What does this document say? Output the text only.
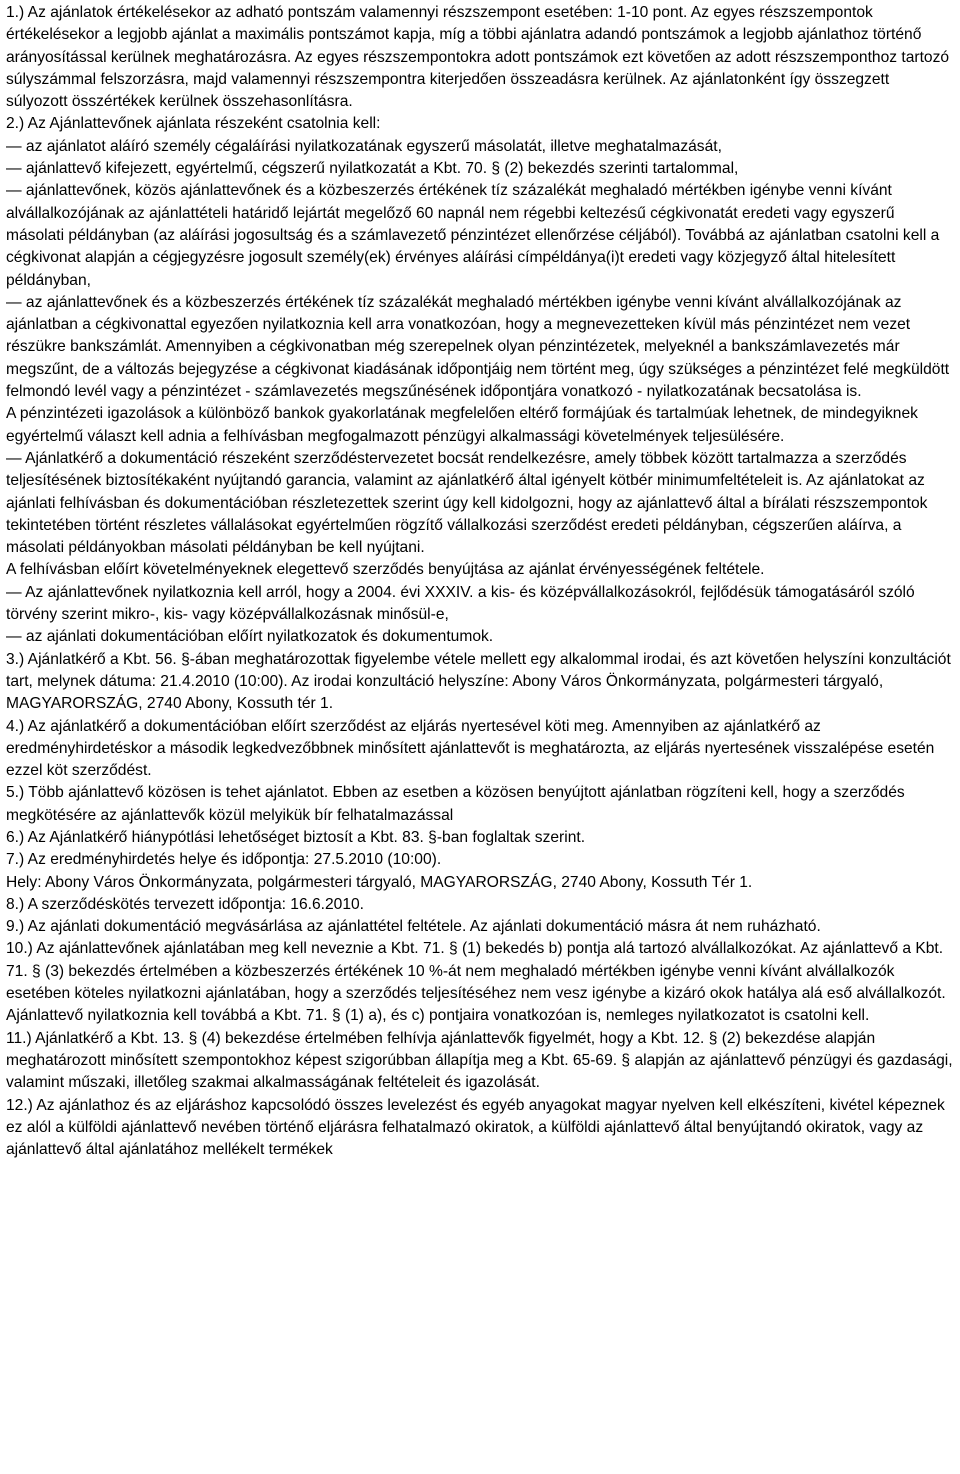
1.) Az ajánlatok értékelésekor az adható pontszám valamennyi részszempont esetében: 1-10 pont. Az egyes részszempontok értékelésekor a legjobb ajánlat a maximális pontszámot kapja, míg a többi ajánlatra adandó pontszámok a legjobb ajánlathoz történő arányosítással kerülnek meghatározásra. Az egyes részszempontokra adott pontszámok ezt követően az adott részszemponthoz tartozó súlyszámmal felszorzásra, majd valamennyi részszempontra kiterjedően összeadásra kerülnek. Az ajánlatonként így összegzett súlyozott összértékek kerülnek összehasonlításra.

2.) Az Ajánlattevőnek ajánlata részeként csatolnia kell:

— az ajánlatot aláíró személy cégaláírási nyilatkozatának egyszerű másolatát, illetve meghatalmazását,

— ajánlattevő kifejezett, egyértelmű, cégszerű nyilatkozatát a Kbt. 70. § (2) bekezdés szerinti tartalommal,

— ajánlattevőnek, közös ajánlattevőnek és a közbeszerzés értékének tíz százalékát meghaladó mértékben igénybe venni kívánt alvállalkozójának az ajánlattételi határidő lejártát megelőző 60 napnál nem régebbi keltezésű cégkivonatát eredeti vagy egyszerű másolati példányban (az aláírási jogosultság és a számlavezető pénzintézet ellenőrzése céljából). Továbbá az ajánlatban csatolni kell a cégkivonat alapján a cégjegyzésre jogosult személy(ek) érvényes aláírási címpéldánya(i)t eredeti vagy közjegyző által hitelesített példányban,

— az ajánlattevőnek és a közbeszerzés értékének tíz százalékát meghaladó mértékben igénybe venni kívánt alvállalkozójának az ajánlatban a cégkivonattal egyezően nyilatkoznia kell arra vonatkozóan, hogy a megnevezetteken kívül más pénzintézet nem vezet részükre bankszámlát. Amennyiben a cégkivonatban még szerepelnek olyan pénzintézetek, melyeknél a bankszámlavezetés már megszűnt, de a változás bejegyzése a cégkivonat kiadásának időpontjáig nem történt meg, úgy szükséges a pénzintézet felé megküldött felmondó levél vagy a pénzintézet - számlavezetés megszűnésének időpontjára vonatkozó - nyilatkozatának becsatolása is.

A pénzintézeti igazolások a különböző bankok gyakorlatának megfelelően eltérő formájúak és tartalmúak lehetnek, de mindegyiknek egyértelmű választ kell adnia a felhívásban megfogalmazott pénzügyi alkalmassági követelmények teljesülésére.

— Ajánlatkérő a dokumentáció részeként szerződéstervezetet bocsát rendelkezésre, amely többek között tartalmazza a szerződés teljesítésének biztosítékaként nyújtandó garancia, valamint az ajánlatkérő által igényelt kötbér minimumfeltételeit is. Az ajánlatokat az ajánlati felhívásban és dokumentációban részletezettek szerint úgy kell kidolgozni, hogy az ajánlattevő által a bírálati részszempontok tekintetében történt részletes vállalásokat egyértelműen rögzítő vállalkozási szerződést eredeti példányban, cégszerűen aláírva, a másolati példányokban másolati példányban be kell nyújtani.

A felhívásban előírt követelményeknek elegettevő szerződés benyújtása az ajánlat érvényességének feltétele.

— Az ajánlattevőnek nyilatkoznia kell arról, hogy a 2004. évi XXXIV. a kis- és középvállalkozásokról, fejlődésük támogatásáról szóló törvény szerint mikro-, kis- vagy középvállalkozásnak minősül-e,

— az ajánlati dokumentációban előírt nyilatkozatok és dokumentumok.

3.) Ajánlatkérő a Kbt. 56. §-ában meghatározottak figyelembe vétele mellett egy alkalommal irodai, és azt követően helyszíni konzultációt tart, melynek dátuma: 21.4.2010 (10:00). Az irodai konzultáció helyszíne: Abony Város Önkormányzata, polgármesteri tárgyaló, MAGYARORSZÁG, 2740 Abony, Kossuth tér 1.

4.) Az ajánlatkérő a dokumentációban előírt szerződést az eljárás nyertesével köti meg. Amennyiben az ajánlatkérő az eredményhirdetéskor a második legkedvezőbbnek minősített ajánlattevőt is meghatározta, az eljárás nyertesének visszalépése esetén ezzel köt szerződést.

5.) Több ajánlattevő közösen is tehet ajánlatot. Ebben az esetben a közösen benyújtott ajánlatban rögzíteni kell, hogy a szerződés megkötésére az ajánlattevők közül melyikük bír felhatalmazással

6.) Az Ajánlatkérő hiánypótlási lehetőséget biztosít a Kbt. 83. §-ban foglaltak szerint.

7.) Az eredményhirdetés helye és időpontja: 27.5.2010 (10:00).

Hely: Abony Város Önkormányzata, polgármesteri tárgyaló, MAGYARORSZÁG, 2740 Abony, Kossuth Tér 1.

8.) A szerződéskötés tervezett időpontja: 16.6.2010.

9.) Az ajánlati dokumentáció megvásárlása az ajánlattétel feltétele. Az ajánlati dokumentáció másra át nem ruházható.

10.) Az ajánlattevőnek ajánlatában meg kell neveznie a Kbt. 71. § (1) bekedés b) pontja alá tartozó alvállalkozókat. Az ajánlattevő a Kbt. 71. § (3) bekezdés értelmében a közbeszerzés értékének 10 %-át nem meghaladó mértékben igénybe venni kívánt alvállalkozók esetében köteles nyilatkozni ajánlatában, hogy a szerződés teljesítéséhez nem vesz igénybe a kizáró okok hatálya alá eső alvállalkozót. Ajánlattevő nyilatkoznia kell továbbá a Kbt. 71. § (1) a), és c) pontjaira vonatkozóan is, nemleges nyilatkozatot is csatolni kell.

11.) Ajánlatkérő a Kbt. 13. § (4) bekezdése értelmében felhívja ajánlattevők figyelmét, hogy a Kbt. 12. § (2) bekezdése alapján meghatározott minősített szempontokhoz képest szigorúbban állapítja meg a Kbt. 65-69. § alapján az ajánlattevő pénzügyi és gazdasági, valamint műszaki, illetőleg szakmai alkalmasságának feltételeit és igazolását.

12.) Az ajánlathoz és az eljáráshoz kapcsolódó összes levelezést és egyéb anyagokat magyar nyelven kell elkészíteni, kivétel képeznek ez alól a külföldi ajánlattevő nevében történő eljárásra felhatalmazó okiratok, a külföldi ajánlattevő által benyújtandó okiratok, vagy az ajánlattevő által ajánlatához mellékelt termékek
